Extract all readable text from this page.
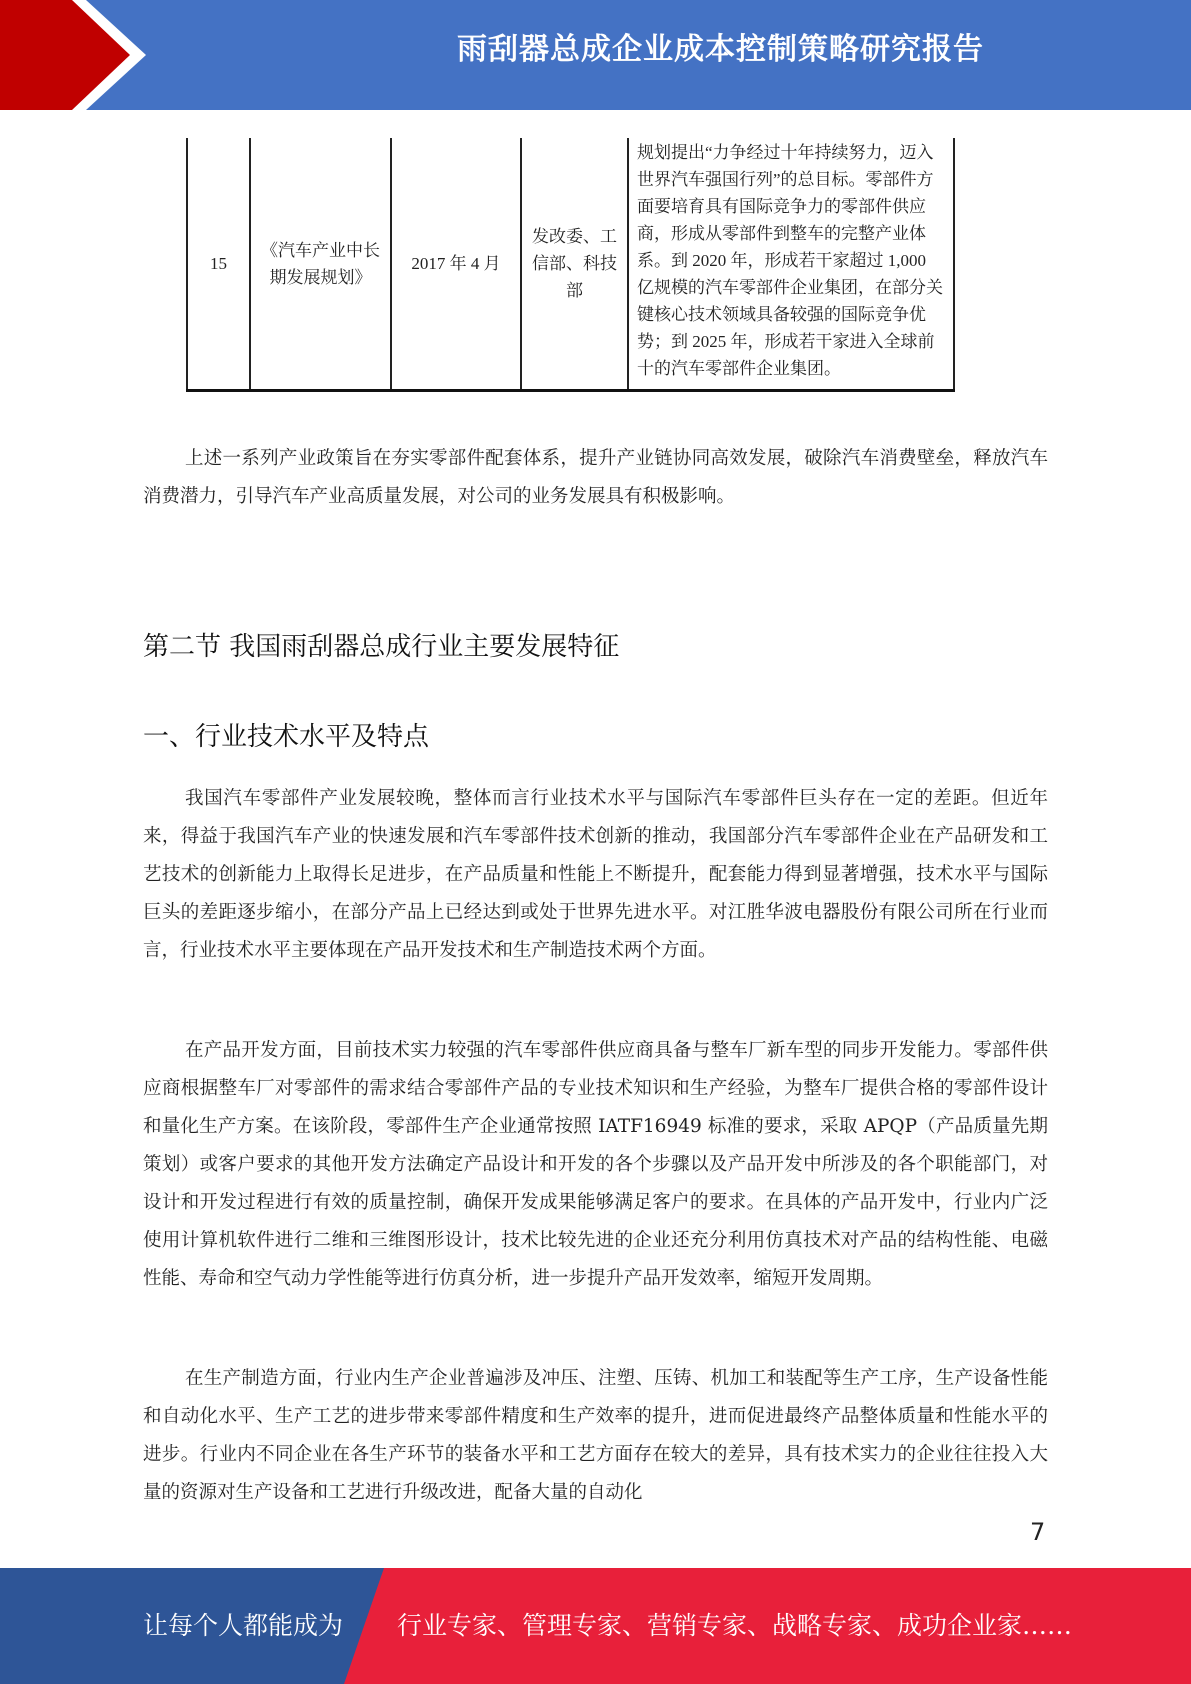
雨刮器总成企业成本控制策略研究报告
15	《汽车产业中长期发展规划》	2017 年 4 月	发改委、工信部、科技部	规划提出“力争经过十年持续努力，迈入世界汽车强国行列”的总目标。零部件方面要培育具有国际竞争力的零部件供应商，形成从零部件到整车的完整产业体系。到 2020 年，形成若干家超过 1,000 亿规模的汽车零部件企业集团，在部分关键核心技术领域具备较强的国际竞争优势；到 2025 年，形成若干家进入全球前十的汽车零部件企业集团。
上述一系列产业政策旨在夯实零部件配套体系，提升产业链协同高效发展，破除汽车消费壁垒，释放汽车消费潜力，引导汽车产业高质量发展，对公司的业务发展具有积极影响。
第二节 我国雨刮器总成行业主要发展特征
一、行业技术水平及特点
我国汽车零部件产业发展较晚，整体而言行业技术水平与国际汽车零部件巨头存在一定的差距。但近年来，得益于我国汽车产业的快速发展和汽车零部件技术创新的推动，我国部分汽车零部件企业在产品研发和工艺技术的创新能力上取得长足进步，在产品质量和性能上不断提升，配套能力得到显著增强，技术水平与国际巨头的差距逐步缩小，在部分产品上已经达到或处于世界先进水平。对江胜华波电器股份有限公司所在行业而言，行业技术水平主要体现在产品开发技术和生产制造技术两个方面。
在产品开发方面，目前技术实力较强的汽车零部件供应商具备与整车厂新车型的同步开发能力。零部件供应商根据整车厂对零部件的需求结合零部件产品的专业技术知识和生产经验，为整车厂提供合格的零部件设计和量化生产方案。在该阶段，零部件生产企业通常按照 IATF16949 标准的要求，采取 APQP（产品质量先期策划）或客户要求的其他开发方法确定产品设计和开发的各个步骤以及产品开发中所涉及的各个职能部门，对设计和开发过程进行有效的质量控制，确保开发成果能够满足客户的要求。在具体的产品开发中，行业内广泛使用计算机软件进行二维和三维图形设计，技术比较先进的企业还充分利用仿真技术对产品的结构性能、电磁性能、寿命和空气动力学性能等进行仿真分析，进一步提升产品开发效率，缩短开发周期。
在生产制造方面，行业内生产企业普遍涉及冲压、注塑、压铸、机加工和装配等生产工序，生产设备性能和自动化水平、生产工艺的进步带来零部件精度和生产效率的提升，进而促进最终产品整体质量和性能水平的进步。行业内不同企业在各生产环节的装备水平和工艺方面存在较大的差异，具有技术实力的企业往往投入大量的资源对生产设备和工艺进行升级改进，配备大量的自动化
7
让每个人都能成为 行业专家、管理专家、营销专家、战略专家、成功企业家……
